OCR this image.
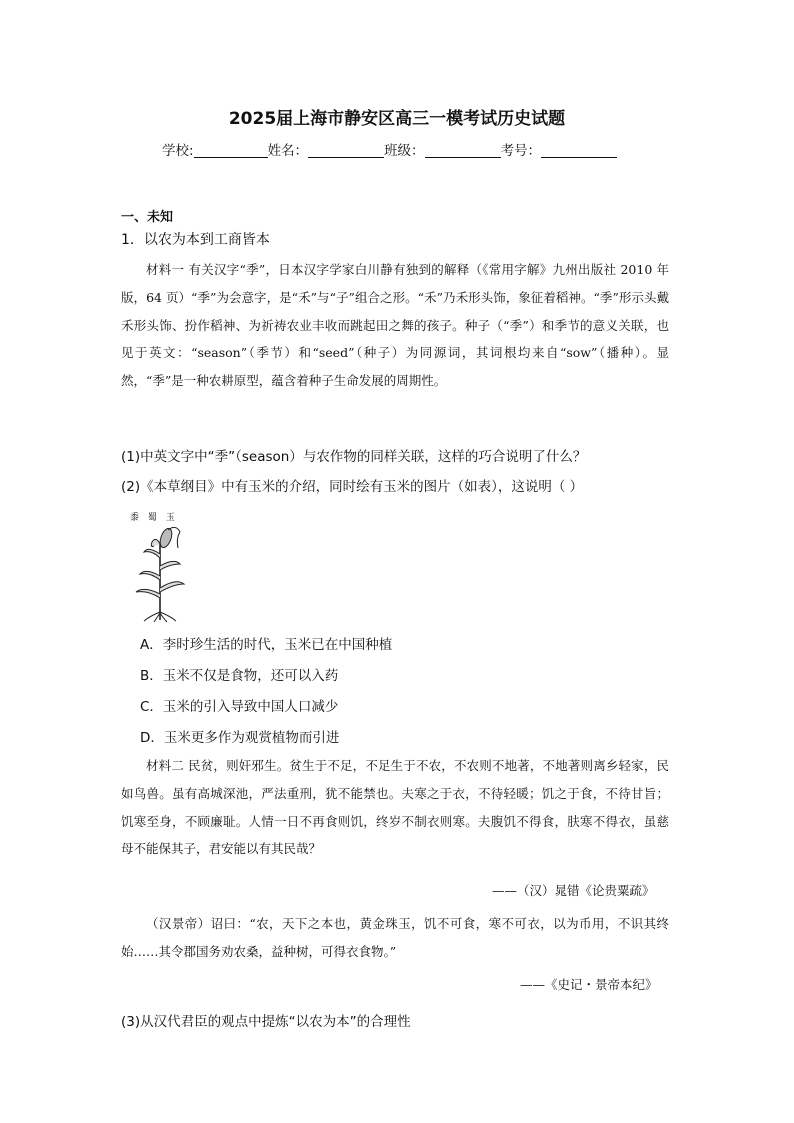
2025届上海市静安区高三一模考试历史试题
学校:	姓名：	班级：	考号：
一、未知
1．以农为本到工商皆本
材料一 有关汉字“季”，日本汉字学家白川静有独到的解释（《常用字解》九州出版社 2010 年版，64 页）“季”为会意字，是“禾”与“子”组合之形。“禾”乃禾形头饰，象征着稻神。“季”形示头戴禾形头饰、扮作稻神、为祈祷农业丰收而跳起田之舞的孩子。种子（“季”）和季节的意义关联，也见于英文：“season”（季节）和“seed”（种子）为同源词，其词根均来自“sow”（播种）。显然，“季”是一种农耕原型，蕴含着种子生命发展的周期性。
(1)中英文字中“季”（season）与农作物的同样关联，这样的巧合说明了什么？
(2)《本草纲目》中有玉米的介绍，同时绘有玉米的图片（如表），这说明（ ）
黍 蜀 玉
A．李时珍生活的时代，玉米已在中国种植
B．玉米不仅是食物，还可以入药
C．玉米的引入导致中国人口减少
D．玉米更多作为观赏植物而引进
材料二 民贫，则奸邪生。贫生于不足，不足生于不农，不农则不地著，不地著则离乡轻家，民如鸟兽。虽有高城深池，严法重刑，犹不能禁也。夫寒之于衣，不待轻暖；饥之于食，不待甘旨；饥寒至身，不顾廉耻。人情一日不再食则饥，终岁不制衣则寒。夫腹饥不得食，肤寒不得衣，虽慈母不能保其子，君安能以有其民哉？
——（汉）晁错《论贵粟疏》
（汉景帝）诏曰：“农，天下之本也，黄金珠玉，饥不可食，寒不可衣，以为币用，不识其终始……其令郡国务劝农桑，益种树，可得衣食物。”
——《史记・景帝本纪》
(3)从汉代君臣的观点中提炼“以农为本”的合理性
